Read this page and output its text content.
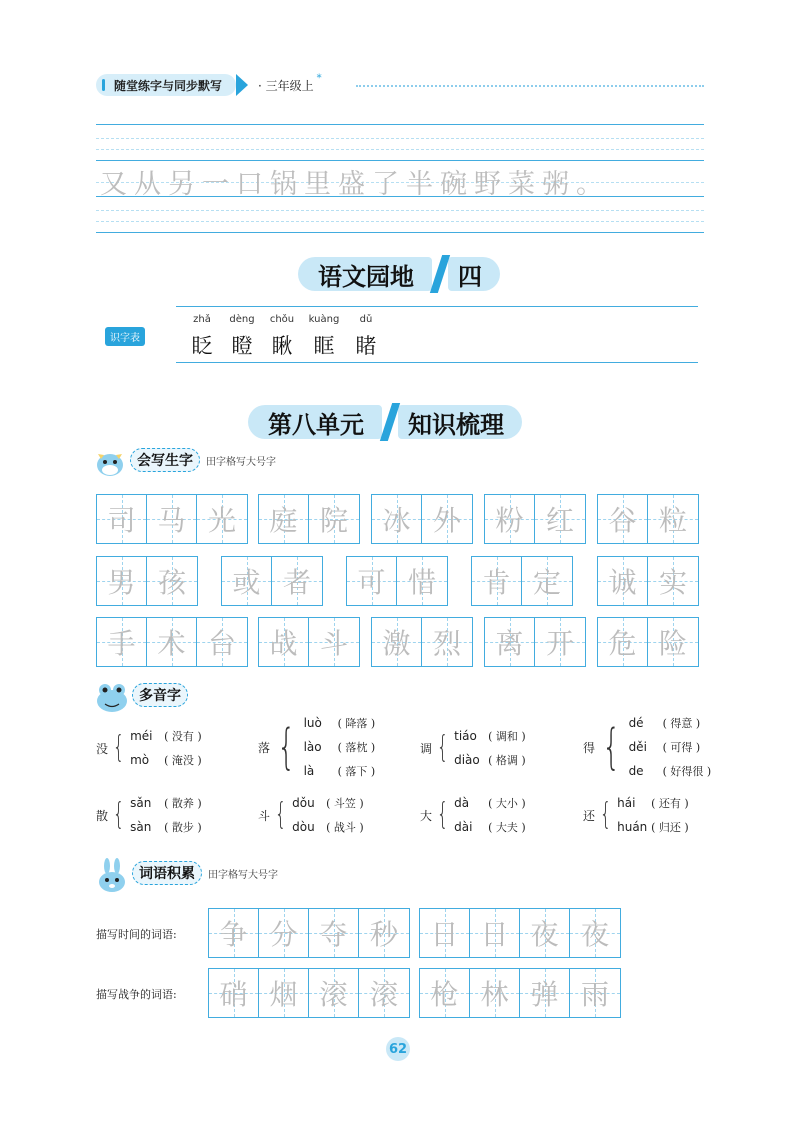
随堂练字与同步默写	· 三年级上
*
又从另一口锅里盛了半碗野菜粥。
语文园地	四
识字表
zhǎ
眨
dèng
瞪
chǒu
瞅
kuàng
眶
dǔ
睹
第八单元	知识梳理
会写生字	田字格写大号字
司 马 光 庭 院 冰 外 粉 红 谷 粒
男 孩 或 者 可 惜 肯 定 诚 实
手 术 台 战 斗 激 烈 离 开 危 险
多音字
没 { méi	( 没有 )
mò	( 淹没 )
落 { luò	( 降落 )
lào	( 落枕 )
là	( 落下 )
调 { tiáo	( 调和 )
diào ( 格调 )
得 { dé	( 得意 )
děi	( 可得 )
de	( 好得很 )
散 { sǎn	( 散养 )
sàn	( 散步 )
斗 { dǒu	( 斗笠 )
dòu	( 战斗 )
大 { dà	( 大小 )
dài	( 大夫 )
还 { hái	( 还有 )
huán ( 归还 )
词语积累	田字格写大号字
描写时间的词语: 争 分 夺 秒 日 日 夜 夜
描写战争的词语: 硝 烟 滚 滚 枪 林 弹 雨
62
